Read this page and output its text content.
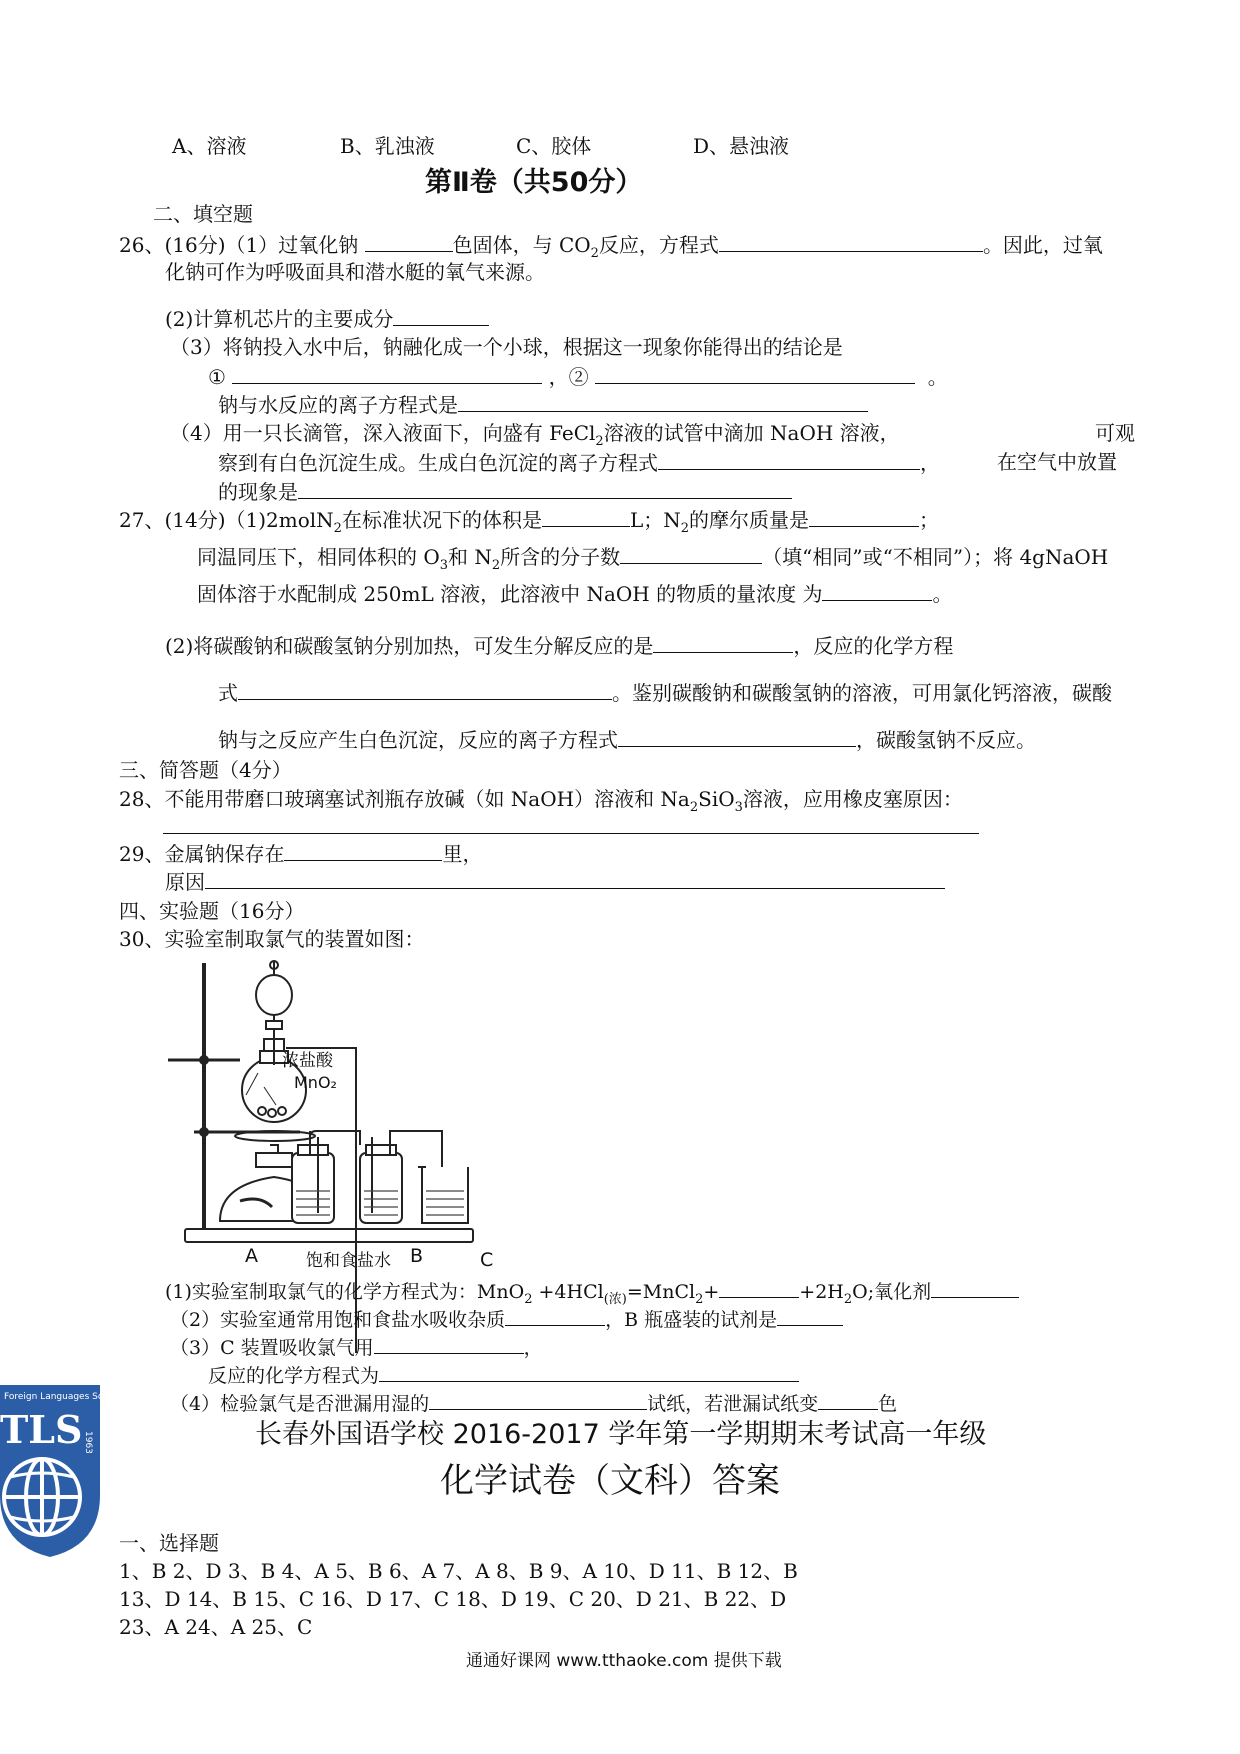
A、溶液	B、乳浊液	C、胶体	D、悬浊液
第Ⅱ卷（共50分）
二、填空题
26、(16分)（1）过氧化钠	色固体，与 $CO_2$反应，方程式	。因此，过氧
化钠可作为呼吸面具和潜水艇的氧气来源。
(2)计算机芯片的主要成分
（3）将钠投入水中后，钠融化成一个小球，根据这一现象你能得出的结论是
①	，②	。
钠与水反应的离子方程式是
（4）用一只长滴管，深入液面下，向盛有 FeCl$_2$溶液的试管中滴加 NaOH 溶液，	可观
察到有白色沉淀生成。生成白色沉淀的离子方程式	，	在空气中放置
的现象是
27、(14分)（1)2molN$_2$在标准状况下的体积是	L；$N_2$的摩尔质量是	；
同温同压下，相同体积的 $O_3$和 $N_2$所含的分子数	（填“相同”或“不相同”）；将 4gNaOH
固体溶于水配制成 250mL 溶液，此溶液中 NaOH 的物质的量浓度 为	。
(2)将碳酸钠和碳酸氢钠分别加热，可发生分解反应的是	，反应的化学方程
式	。鉴别碳酸钠和碳酸氢钠的溶液，可用氯化钙溶液，碳酸
钠与之反应产生白色沉淀，反应的离子方程式	，碳酸氢钠不反应。
三、简答题（4分）
28、不能用带磨口玻璃塞试剂瓶存放碱（如 NaOH）溶液和 $Na_2SiO_3$溶液，应用橡皮塞原因：
29、金属钠保存在	里，
原因
四、实验题（16分）
30、实验室制取氯气的装置如图：
浓盐酸
MnO₂
A	饱和食盐水 B	C
(1)实验室制取氯气的化学方程式为：MnO$_2$ +4HCl$_{(浓)}$=MnCl$_2$+	$+2H_2O$;氧化剂
（2）实验室通常用饱和食盐水吸收杂质	，B 瓶盛装的试剂是
（3）C 装置吸收氯气用	，
反应的化学方程式为
（4）检验氯气是否泄漏用湿的	试纸，若泄漏试纸变	色
Foreign Languages School · changchun
TLS 1963	长春外国语学校 2016-2017 学年第一学期期末考试高一年级
化学试卷（文科）答案
一、选择题
1、B 2、D 3、B 4、A 5、B 6、A 7、A 8、B 9、A 10、D 11、B 12、B
13、D 14、B 15、C 16、D 17、C 18、D 19、C 20、D 21、B 22、D
23、A 24、A 25、C
通通好课网 www.tthaoke.com 提供下载
